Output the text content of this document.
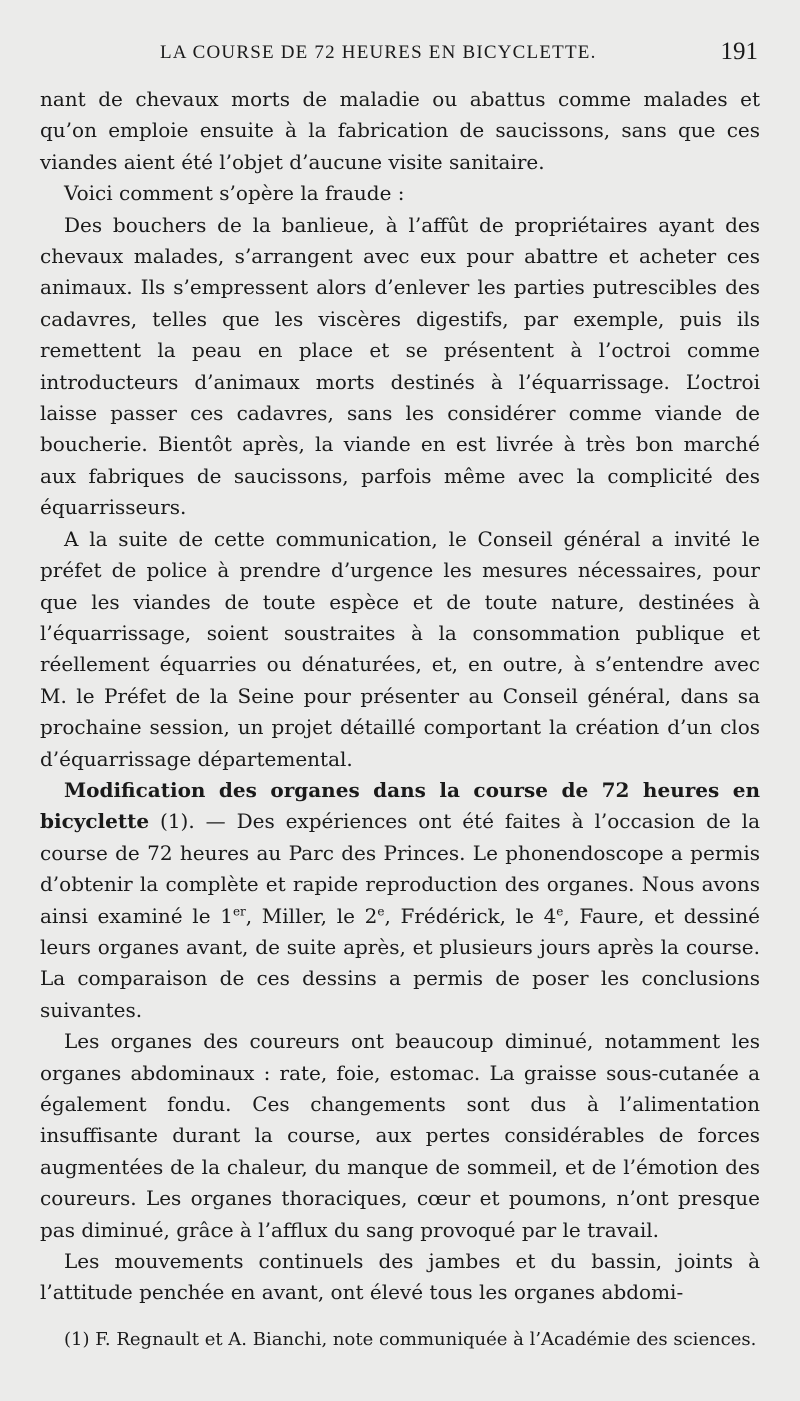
LA COURSE DE 72 HEURES EN BICYCLETTE.	191

nant de chevaux morts de maladie ou abattus comme malades et qu’on emploie ensuite à la fabrication de saucissons, sans que ces viandes aient été l’objet d’aucune visite sanitaire.

Voici comment s’opère la fraude :

Des bouchers de la banlieue, à l’affût de propriétaires ayant des chevaux malades, s’arrangent avec eux pour abattre et acheter ces animaux. Ils s’empressent alors d’enlever les parties putrescibles des cadavres, telles que les viscères digestifs, par exemple, puis ils remettent la peau en place et se présentent à l’octroi comme introducteurs d’animaux morts destinés à l’équarrissage. L’octroi laisse passer ces cadavres, sans les considérer comme viande de boucherie. Bientôt après, la viande en est livrée à très bon marché aux fabriques de saucissons, parfois même avec la complicité des équarrisseurs.

A la suite de cette communication, le Conseil général a invité le préfet de police à prendre d’urgence les mesures nécessaires, pour que les viandes de toute espèce et de toute nature, destinées à l’équarrissage, soient soustraites à la consommation publique et réellement équarries ou dénaturées, et, en outre, à s’entendre avec M. le Préfet de la Seine pour présenter au Conseil général, dans sa prochaine session, un projet détaillé comportant la création d’un clos d’équarrissage départemental.

Modification des organes dans la course de 72 heures en bicyclette (1). — Des expériences ont été faites à l’occasion de la course de 72 heures au Parc des Princes. Le phonendoscope a permis d’obtenir la complète et rapide reproduction des organes. Nous avons ainsi examiné le 1er, Miller, le 2e, Frédérick, le 4e, Faure, et dessiné leurs organes avant, de suite après, et plusieurs jours après la course. La comparaison de ces dessins a permis de poser les conclusions suivantes.

Les organes des coureurs ont beaucoup diminué, notamment les organes abdominaux : rate, foie, estomac. La graisse sous-cutanée a également fondu. Ces changements sont dus à l’alimentation insuffisante durant la course, aux pertes considérables de forces augmentées de la chaleur, du manque de sommeil, et de l’émotion des coureurs. Les organes thoraciques, cœur et poumons, n’ont presque pas diminué, grâce à l’afflux du sang provoqué par le travail.

Les mouvements continuels des jambes et du bassin, joints à l’attitude penchée en avant, ont élevé tous les organes abdomi-

(1) F. Regnault et A. Bianchi, note communiquée à l’Académie des sciences.
